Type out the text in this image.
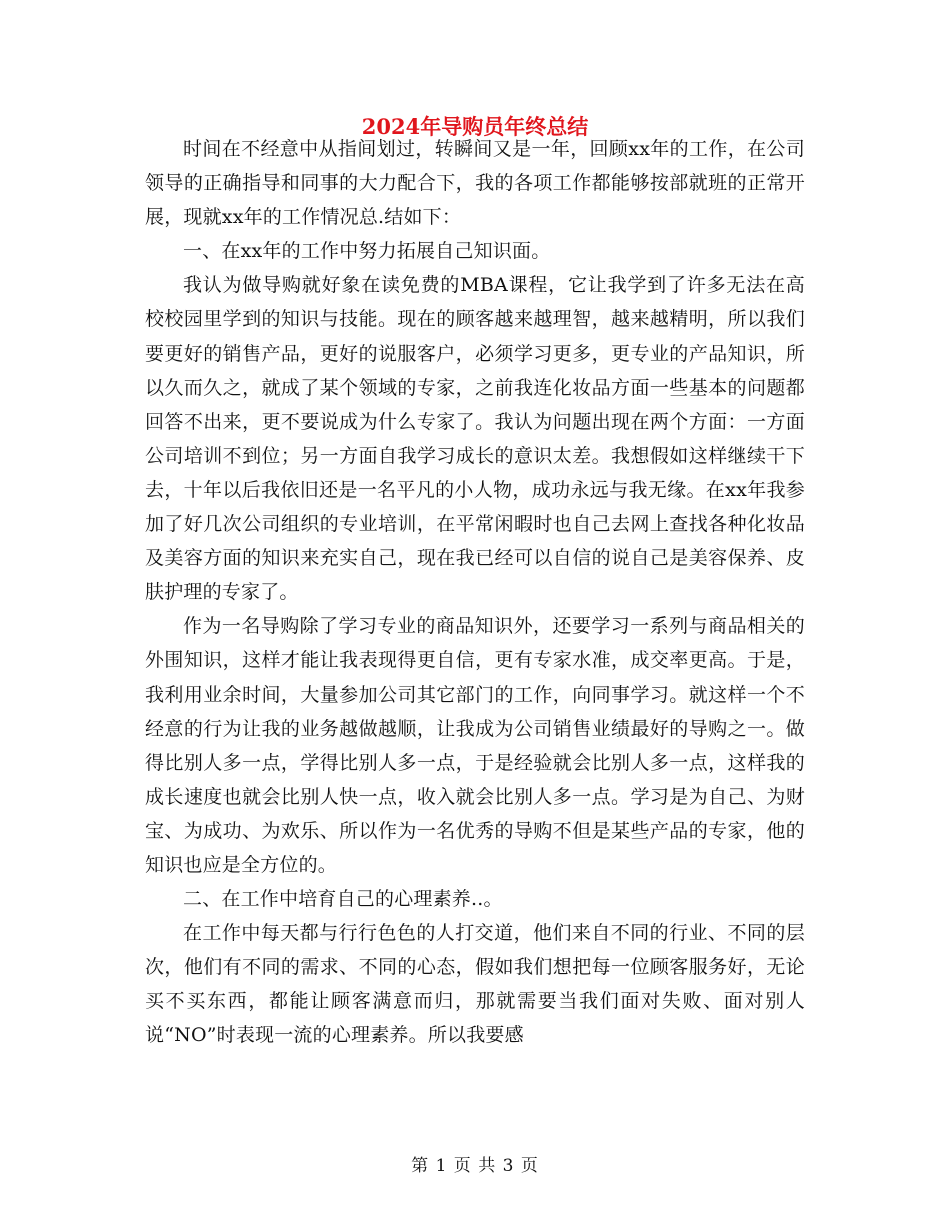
2024年导购员年终总结

时间在不经意中从指间划过，转瞬间又是一年，回顾xx年的工作，在公司领导的正确指导和同事的大力配合下，我的各项工作都能够按部就班的正常开展，现就xx年的工作情况总.结如下：

一、在xx年的工作中努力拓展自己知识面。

我认为做导购就好象在读免费的MBA课程，它让我学到了许多无法在高校校园里学到的知识与技能。现在的顾客越来越理智，越来越精明，所以我们要更好的销售产品，更好的说服客户，必须学习更多，更专业的产品知识，所以久而久之，就成了某个领域的专家，之前我连化妆品方面一些基本的问题都回答不出来，更不要说成为什么专家了。我认为问题出现在两个方面：一方面公司培训不到位；另一方面自我学习成长的意识太差。我想假如这样继续干下去，十年以后我依旧还是一名平凡的小人物，成功永远与我无缘。在xx年我参加了好几次公司组织的专业培训，在平常闲暇时也自己去网上查找各种化妆品及美容方面的知识来充实自己，现在我已经可以自信的说自己是美容保养、皮肤护理的专家了。

作为一名导购除了学习专业的商品知识外，还要学习一系列与商品相关的外围知识，这样才能让我表现得更自信，更有专家水准，成交率更高。于是，我利用业余时间，大量参加公司其它部门的工作，向同事学习。就这样一个不经意的行为让我的业务越做越顺，让我成为公司销售业绩最好的导购之一。做得比别人多一点，学得比别人多一点，于是经验就会比别人多一点，这样我的成长速度也就会比别人快一点，收入就会比别人多一点。学习是为自己、为财宝、为成功、为欢乐、所以作为一名优秀的导购不但是某些产品的专家，他的知识也应是全方位的。

二、在工作中培育自己的心理素养..。

在工作中每天都与行行色色的人打交道，他们来自不同的行业、不同的层次，他们有不同的需求、不同的心态，假如我们想把每一位顾客服务好，无论买不买东西，都能让顾客满意而归，那就需要当我们面对失败、面对别人说“NO”时表现一流的心理素养。所以我要感

第 1 页 共 3 页
